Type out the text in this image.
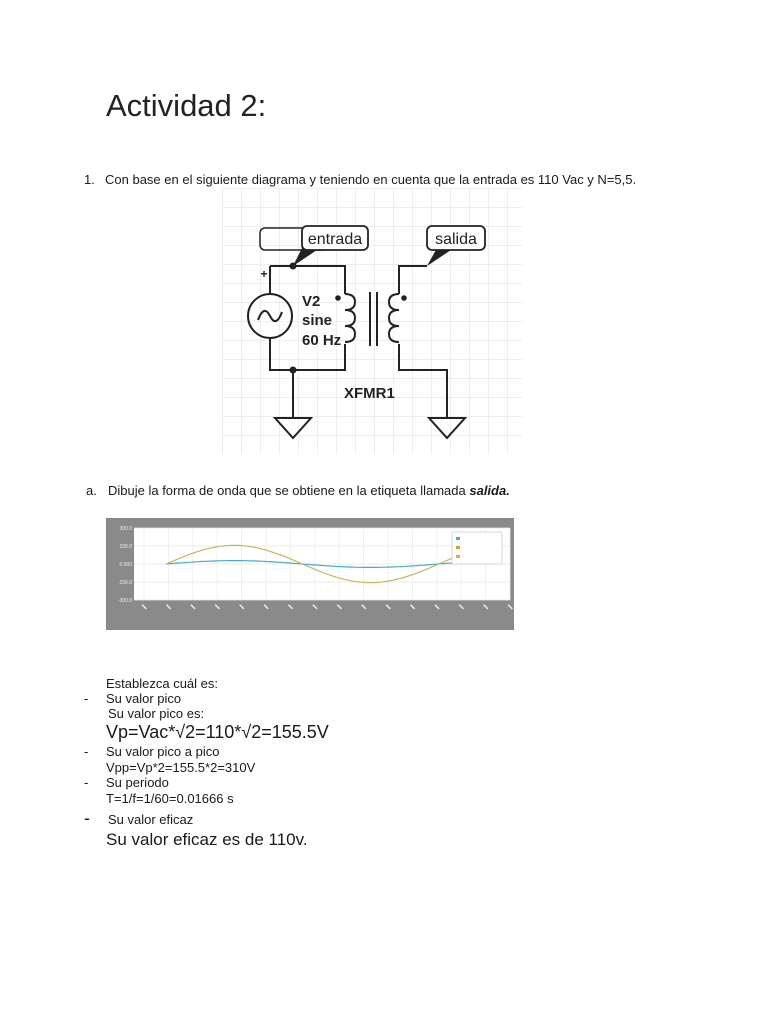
Actividad 2:
1. Con base en el siguiente diagrama y teniendo en cuenta que la entrada es 110 Vac y N=5,5.
+
entrada	salida
V2
sine
60 Hz
XFMR1
a. Dibuje la forma de onda que se obtiene en la etiqueta llamada salida.
300.0
150.0
0.000
-150.0
-300.0
Establezca cuál es:
- Su valor pico
Su valor pico es:
Vp=Vac*√2=110*√2=155.5V
- Su valor pico a pico
Vpp=Vp*2=155.5*2=310V
- Su periodo
T=1/f=1/60=0.01666 s
- Su valor eficaz
Su valor eficaz es de 110v.
